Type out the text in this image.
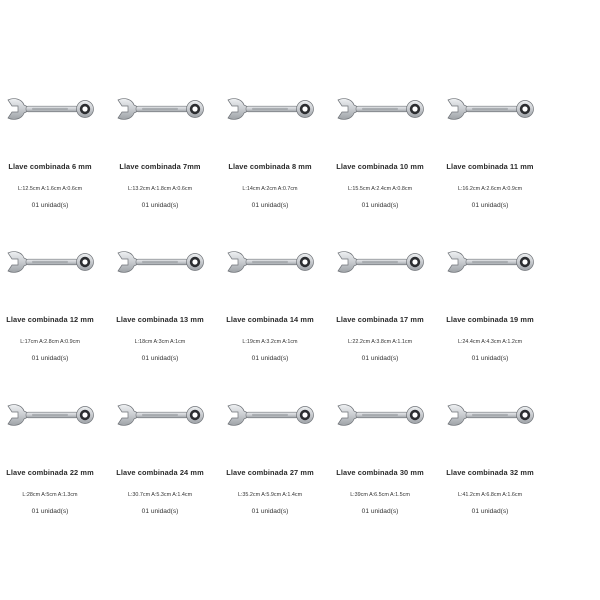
Llave combinada 6 mm
L:12.5cm A:1.6cm A:0.6cm
01 unidad(s)
Llave combinada 7mm
L:13.2cm A:1.8cm A:0.6cm
01 unidad(s)
Llave combinada 8 mm
L:14cm A:2cm A:0.7cm
01 unidad(s)
Llave combinada 10 mm
L:15.5cm A:2.4cm A:0.8cm
01 unidad(s)
Llave combinada 11 mm
L:16.2cm A:2.6cm A:0.9cm
01 unidad(s)
Llave combinada 12 mm
L:17cm A:2.8cm A:0.9cm
01 unidad(s)
Llave combinada 13 mm
L:18cm A:3cm A:1cm
01 unidad(s)
Llave combinada 14 mm
L:19cm A:3.2cm A:1cm
01 unidad(s)
Llave combinada 17 mm
L:22.2cm A:3.8cm A:1.1cm
01 unidad(s)
Llave combinada 19 mm
L:24.4cm A:4.3cm A:1.2cm
01 unidad(s)
Llave combinada 22 mm
L:28cm A:5cm A:1.3cm
01 unidad(s)
Llave combinada 24 mm
L:30.7cm A:5.3cm A:1.4cm
01 unidad(s)
Llave combinada 27 mm
L:35.2cm A:5.9cm A:1.4cm
01 unidad(s)
Llave combinada 30 mm
L:39cm A:6.5cm A:1.5cm
01 unidad(s)
Llave combinada 32 mm
L:41.2cm A:6.8cm A:1.6cm
01 unidad(s)
